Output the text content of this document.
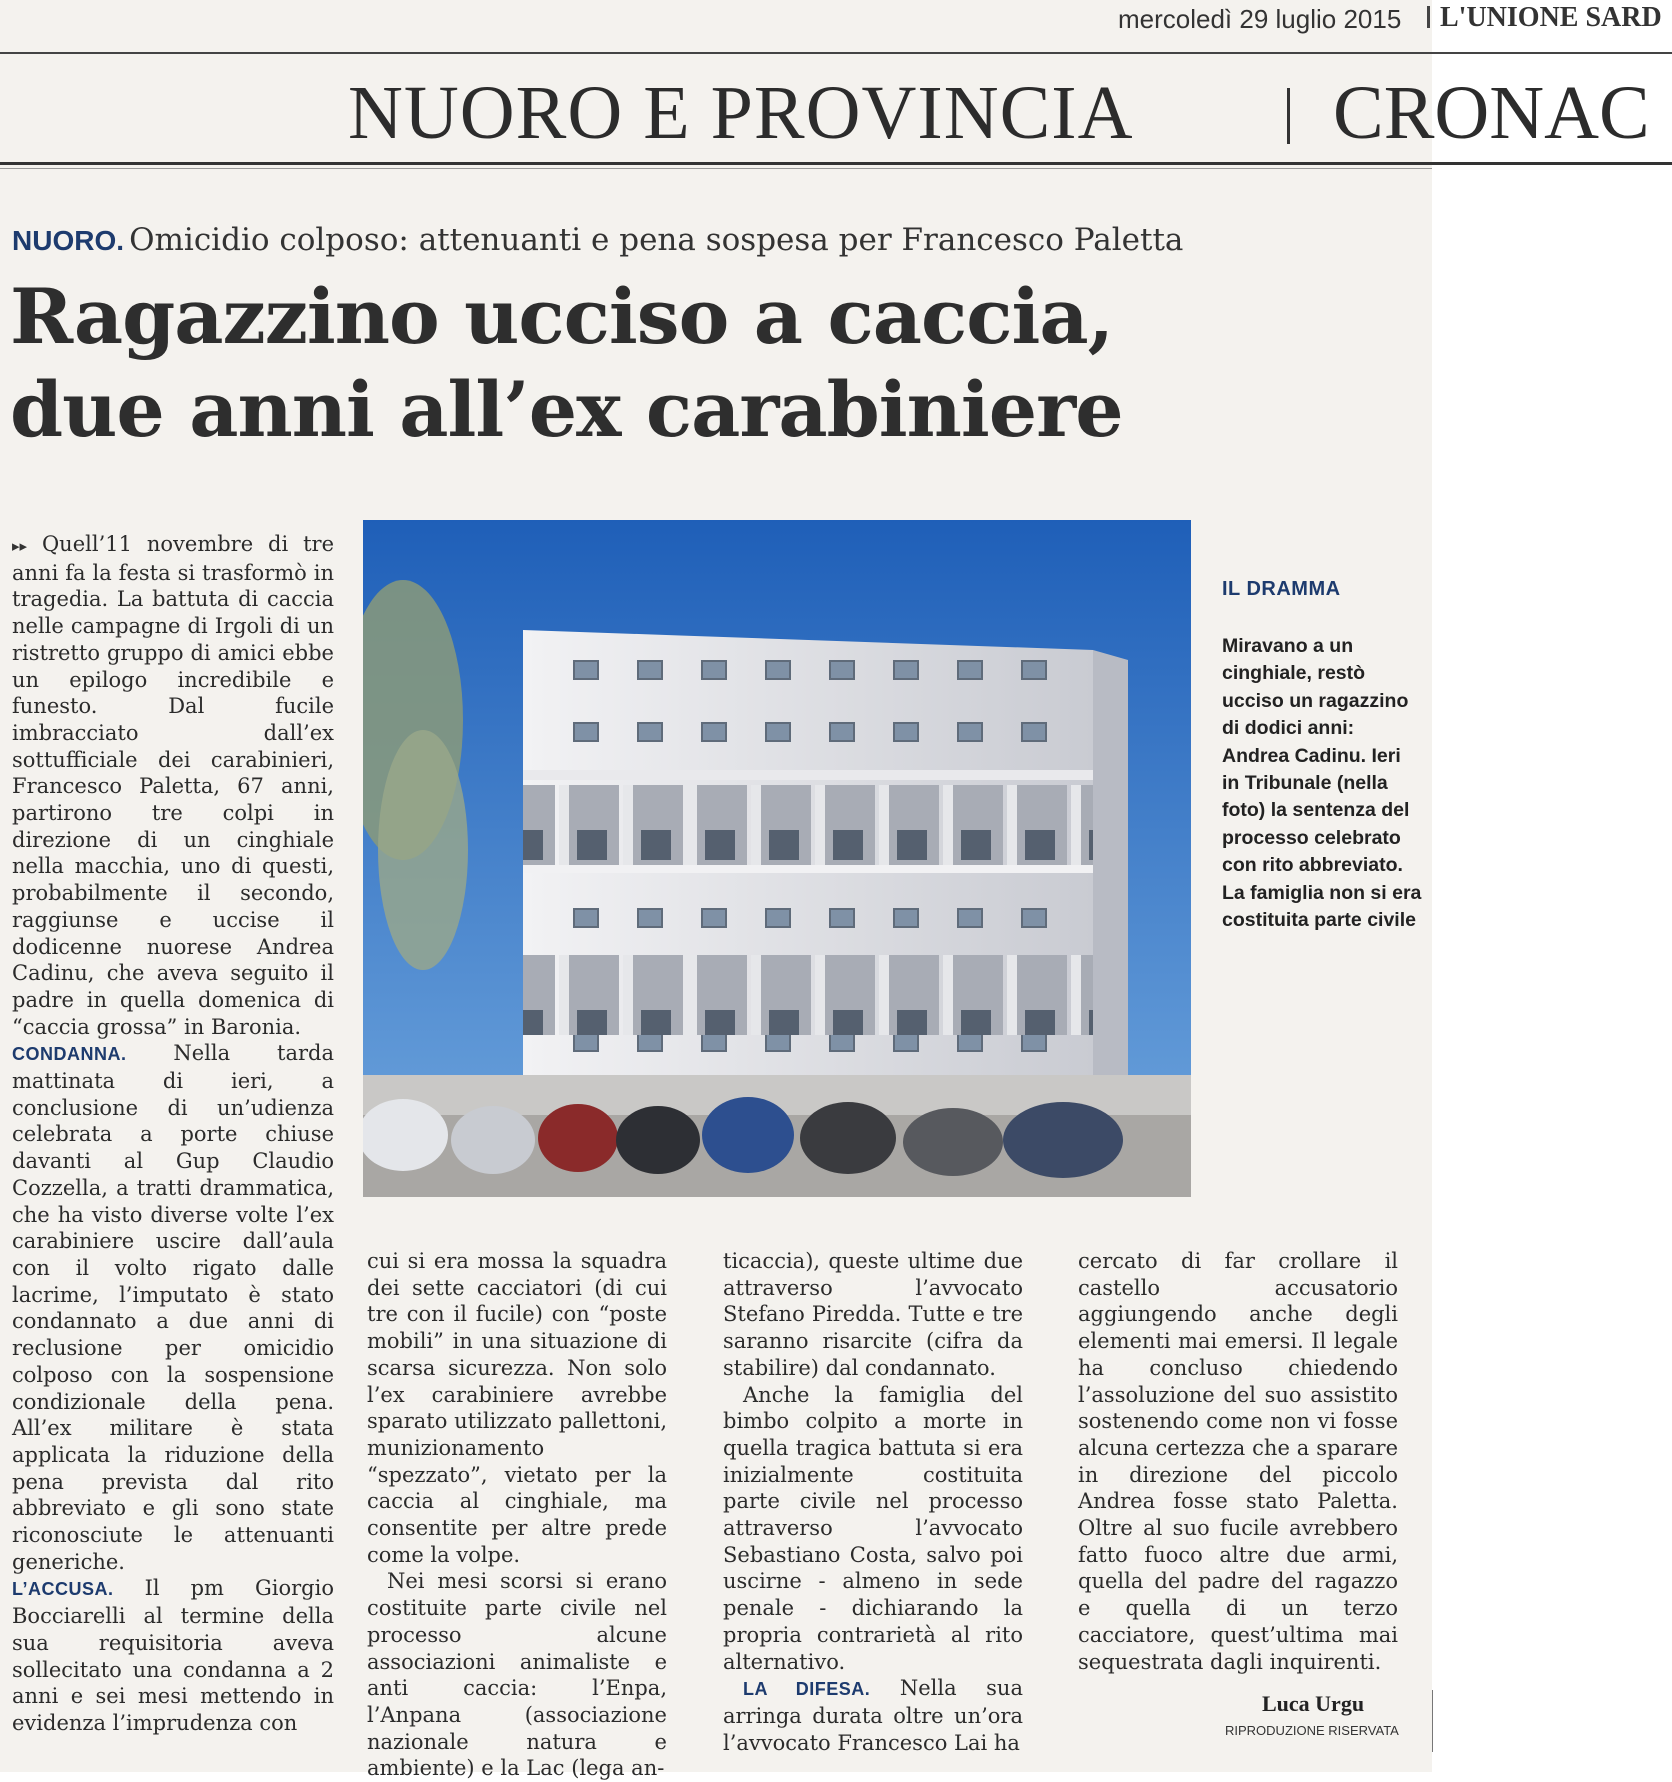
mercoledì 29 luglio 2015 L'UNIONE SARD
NUORO E PROVINCIA	CRONAC
NUORO. Omicidio colposo: attenuanti e pena sospesa per Francesco Paletta
Ragazzino ucciso a caccia,
due anni all’ex carabiniere

▸▸ Quell’11 novembre di tre anni fa la festa si trasformò in tragedia. La battuta di caccia nelle campagne di Irgoli di un ristretto gruppo di amici ebbe un epilogo incredibile e funesto. Dal fucile imbracciato dall’ex sottufficiale dei carabinieri, Francesco Paletta, 67 anni, partirono tre colpi in direzione di un cinghiale nella macchia, uno di questi, probabilmente il secondo, raggiunse e uccise il dodicenne nuorese Andrea Cadinu, che aveva seguito il padre in quella domenica di “caccia grossa” in Baronia.

CONDANNA. Nella tarda mattinata di ieri, a conclusione di un’udienza celebrata a porte chiuse davanti al Gup Claudio Cozzella, a tratti drammatica, che ha visto diverse volte l’ex carabiniere uscire dall’aula con il volto rigato dalle lacrime, l’imputato è stato condannato a due anni di reclusione per omicidio colposo con la sospensione condizionale della pena. All’ex militare è stata applicata la riduzione della pena prevista dal rito abbreviato e gli sono state riconosciute le attenuanti generiche.

L’ACCUSA. Il pm Giorgio Bocciarelli al termine della sua requisitoria aveva sollecitato una condanna a 2 anni e sei mesi mettendo in evidenza l’imprudenza con

IL DRAMMA
Miravano a un cinghiale, restò ucciso un ragazzino di dodici anni: Andrea Cadinu. Ieri in Tribunale (nella foto) la sentenza del processo celebrato con rito abbreviato. La famiglia non si era costituita parte civile

cui si era mossa la squadra dei sette cacciatori (di cui tre con il fucile) con “poste mobili” in una situazione di scarsa sicurezza. Non solo l’ex carabiniere avrebbe sparato utilizzato pallettoni, munizionamento “spezzato”, vietato per la caccia al cinghiale, ma consentite per altre prede come la volpe.

Nei mesi scorsi si erano costituite parte civile nel processo alcune associazioni animaliste e anti caccia: l’Enpa, l’Anpana (associazione nazionale natura e ambiente) e la Lac (lega an-

ticaccia), queste ultime due attraverso l’avvocato Stefano Piredda. Tutte e tre saranno risarcite (cifra da stabilire) dal condannato.

Anche la famiglia del bimbo colpito a morte in quella tragica battuta si era inizialmente costituita parte civile nel processo attraverso l’avvocato Sebastiano Costa, salvo poi uscirne - almeno in sede penale - dichiarando la propria contrarietà al rito alternativo.

LA DIFESA. Nella sua arringa durata oltre un’ora l’avvocato Francesco Lai ha

cercato di far crollare il castello accusatorio aggiungendo anche degli elementi mai emersi. Il legale ha concluso chiedendo l’assoluzione del suo assistito sostenendo come non vi fosse alcuna certezza che a sparare in direzione del piccolo Andrea fosse stato Paletta. Oltre al suo fucile avrebbero fatto fuoco altre due armi, quella del padre del ragazzo e quella di un terzo cacciatore, quest’ultima mai sequestrata dagli inquirenti.

Luca Urgu
RIPRODUZIONE RISERVATA
